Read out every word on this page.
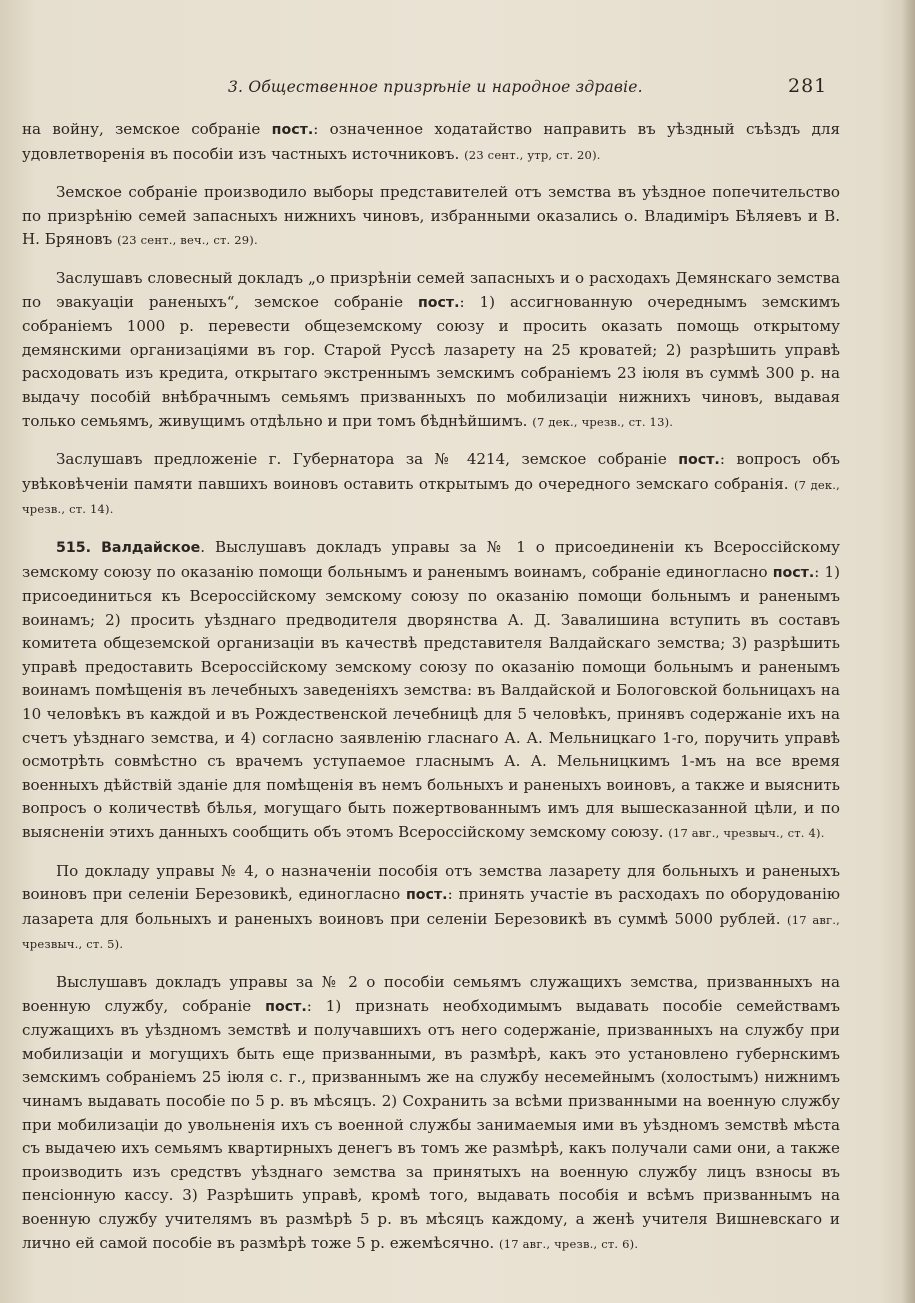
3. Общественное призрѣніе и народное здравіе.	281

на войну, земское собраніе пост.: означенное ходатайство направить въ уѣздный съѣздъ для удовлетворенія въ пособіи изъ частныхъ источниковъ. (23 сент., утр, ст. 20).

Земское собраніе производило выборы представителей отъ земства въ уѣздное попечительство по призрѣнію семей запасныхъ нижнихъ чиновъ, избранными оказались о. Владиміръ Бѣляевъ и В. Н. Бряновъ (23 сент., веч., ст. 29).

Заслушавъ словесный докладъ „о призрѣніи семей запасныхъ и о расходахъ Демянскаго земства по эвакуаціи раненыхъ“, земское собраніе пост.: 1) ассигнованную очереднымъ земскимъ собраніемъ 1000 р. перевести общеземскому союзу и просить оказать помощь открытому демянскими организаціями въ гор. Старой Руссѣ лазарету на 25 кроватей; 2) разрѣшить управѣ расходовать изъ кредита, открытаго экстреннымъ земскимъ собраніемъ 23 іюля въ суммѣ 300 р. на выдачу пособій внѣбрачнымъ семьямъ призванныхъ по мобилизаціи нижнихъ чиновъ, выдавая только семьямъ, живущимъ отдѣльно и при томъ бѣднѣйшимъ. (7 дек., чрезв., ст. 13).

Заслушавъ предложеніе г. Губернатора за № 4214, земское собраніе пост.: вопросъ объ увѣковѣченіи памяти павшихъ воиновъ оставить открытымъ до очередного земскаго собранія. (7 дек., чрезв., ст. 14).

515. Валдайское. Выслушавъ докладъ управы за № 1 о присоединеніи къ Всероссійскому земскому союзу по оказанію помощи больнымъ и раненымъ воинамъ, собраніе единогласно пост.: 1) присоединиться къ Всероссійскому земскому союзу по оказанію помощи больнымъ и раненымъ воинамъ; 2) просить уѣзднаго предводителя дворянства А. Д. Завалишина вступить въ составъ комитета общеземской организаціи въ качествѣ представителя Валдайскаго земства; 3) разрѣшить управѣ предоставить Всероссійскому земскому союзу по оказанію помощи больнымъ и раненымъ воинамъ помѣщенія въ лечебныхъ заведеніяхъ земства: въ Валдайской и Бологовской больницахъ на 10 человѣкъ въ каждой и въ Рождественской лечебницѣ для 5 человѣкъ, принявъ содержаніе ихъ на счетъ уѣзднаго земства, и 4) согласно заявленію гласнаго А. А. Мельницкаго 1-го, поручить управѣ осмотрѣть совмѣстно съ врачемъ уступаемое гласнымъ А. А. Мельницкимъ 1-мъ на все время военныхъ дѣйствій зданіе для помѣщенія въ немъ больныхъ и раненыхъ воиновъ, а также и выяснить вопросъ о количествѣ бѣлья, могущаго быть пожертвованнымъ имъ для вышесказанной цѣли, и по выясненіи этихъ данныхъ сообщить объ этомъ Всероссійскому земскому союзу. (17 авг., чрезвыч., ст. 4).

По докладу управы № 4, о назначеніи пособія отъ земства лазарету для больныхъ и раненыхъ воиновъ при селеніи Березовикѣ, единогласно пост.: принять участіе въ расходахъ по оборудованію лазарета для больныхъ и раненыхъ воиновъ при селеніи Березовикѣ въ суммѣ 5000 рублей. (17 авг., чрезвыч., ст. 5).

Выслушавъ докладъ управы за № 2 о пособіи семьямъ служащихъ земства, призванныхъ на военную службу, собраніе пост.: 1) признать необходимымъ выдавать пособіе семействамъ служащихъ въ уѣздномъ земствѣ и получавшихъ отъ него содержаніе, призванныхъ на службу при мобилизаціи и могущихъ быть еще призванными, въ размѣрѣ, какъ это установлено губернскимъ земскимъ собраніемъ 25 іюля с. г., призваннымъ же на службу несемейнымъ (холостымъ) нижнимъ чинамъ выдавать пособіе по 5 р. въ мѣсяцъ. 2) Сохранить за всѣми призванными на военную службу при мобилизаціи до увольненія ихъ съ военной службы занимаемыя ими въ уѣздномъ земствѣ мѣста съ выдачею ихъ семьямъ квартирныхъ денегъ въ томъ же размѣрѣ, какъ получали сами они, а также производить изъ средствъ уѣзднаго земства за принятыхъ на военную службу лицъ взносы въ пенсіонную кассу. 3) Разрѣшить управѣ, кромѣ того, выдавать пособія и всѣмъ призваннымъ на военную службу учителямъ въ размѣрѣ 5 р. въ мѣсяцъ каждому, а женѣ учителя Вишневскаго и лично ей самой пособіе въ размѣрѣ тоже 5 р. ежемѣсячно. (17 авг., чрезв., ст. 6).
